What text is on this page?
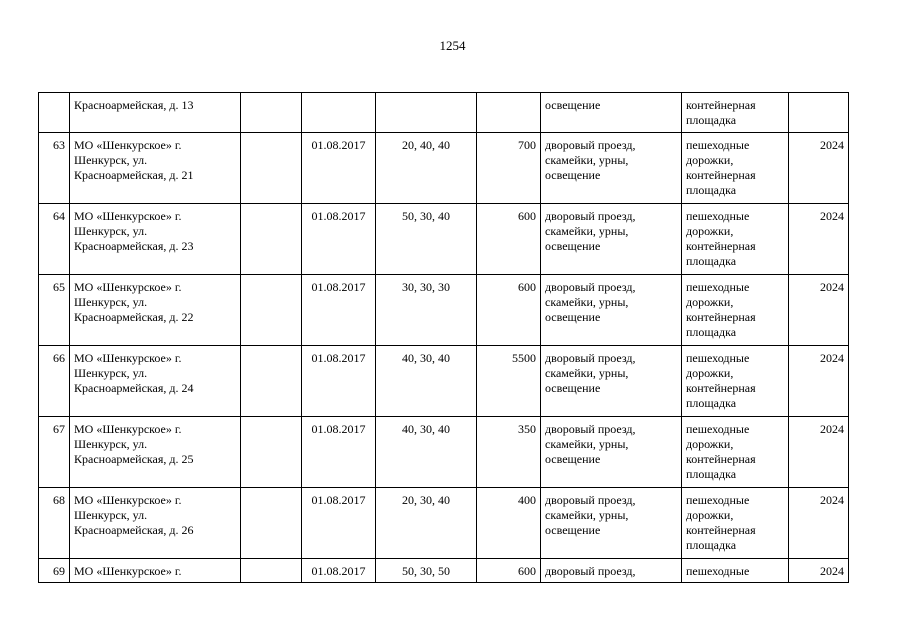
1254
	Красноармейская, д. 13					освещение	контейнерная
площадка	
63	МО «Шенкурское» г.
Шенкурск, ул.
Красноармейская, д. 21		01.08.2017	20, 40, 40	700	дворовый проезд,
скамейки, урны,
освещение	пешеходные
дорожки,
контейнерная
площадка	2024
64	МО «Шенкурское» г.
Шенкурск, ул.
Красноармейская, д. 23		01.08.2017	50, 30, 40	600	дворовый проезд,
скамейки, урны,
освещение	пешеходные
дорожки,
контейнерная
площадка	2024
65	МО «Шенкурское» г.
Шенкурск, ул.
Красноармейская, д. 22		01.08.2017	30, 30, 30	600	дворовый проезд,
скамейки, урны,
освещение	пешеходные
дорожки,
контейнерная
площадка	2024
66	МО «Шенкурское» г.
Шенкурск, ул.
Красноармейская, д. 24		01.08.2017	40, 30, 40	5500	дворовый проезд,
скамейки, урны,
освещение	пешеходные
дорожки,
контейнерная
площадка	2024
67	МО «Шенкурское» г.
Шенкурск, ул.
Красноармейская, д. 25		01.08.2017	40, 30, 40	350	дворовый проезд,
скамейки, урны,
освещение	пешеходные
дорожки,
контейнерная
площадка	2024
68	МО «Шенкурское» г.
Шенкурск, ул.
Красноармейская, д. 26		01.08.2017	20, 30, 40	400	дворовый проезд,
скамейки, урны,
освещение	пешеходные
дорожки,
контейнерная
площадка	2024
69	МО «Шенкурское» г.		01.08.2017	50, 30, 50	600	дворовый проезд,	пешеходные	2024
